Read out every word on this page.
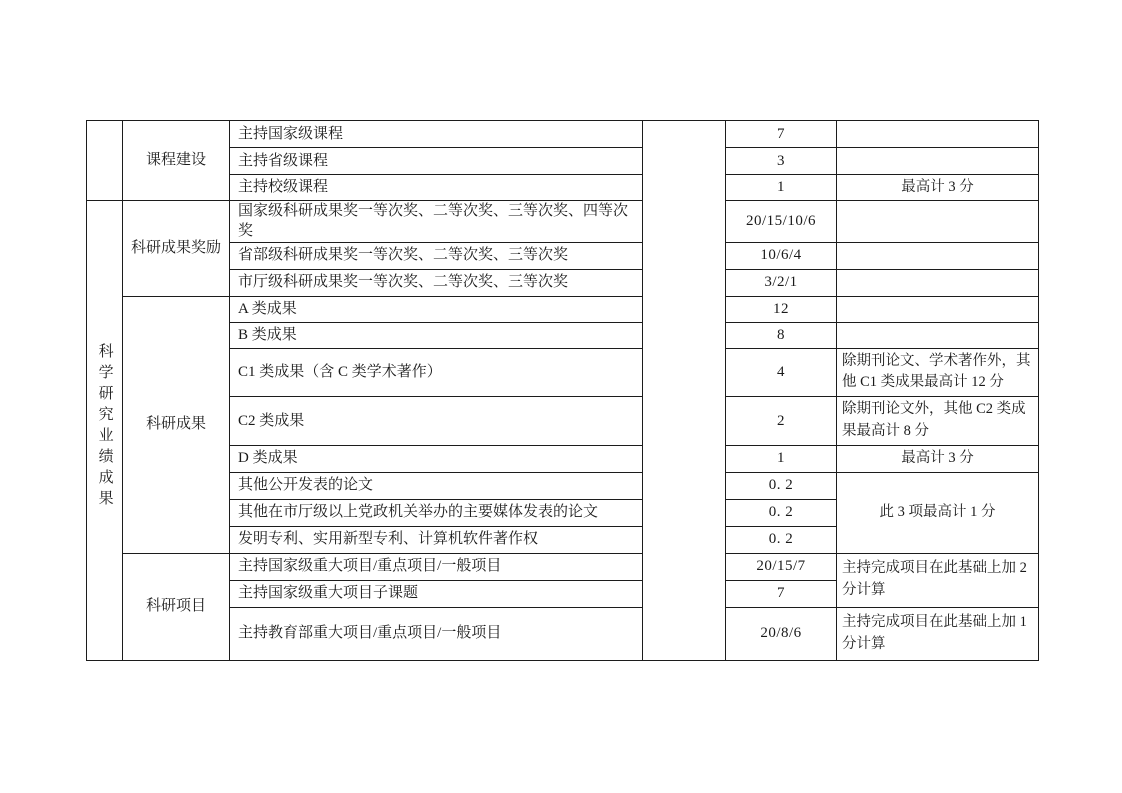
	课程建设	主持国家级课程		7	
		主持省级课程		3	
		主持校级课程		1	最高计 3 分
科学研究业绩成果	科研成果奖励	国家级科研成果奖一等次奖、二等次奖、三等次奖、四等次奖		20/15/10/6	
		省部级科研成果奖一等次奖、二等次奖、三等次奖		10/6/4	
		市厅级科研成果奖一等次奖、二等次奖、三等次奖		3/2/1	
	科研成果	A 类成果		12	
		B 类成果		8	
		C1 类成果（含 C 类学术著作）		4	除期刊论文、学术著作外，其他 C1 类成果最高计 12 分
		C2 类成果		2	除期刊论文外，其他 C2 类成果最高计 8 分
		D 类成果		1	最高计 3 分
		其他公开发表的论文		0. 2	此 3 项最高计 1 分
		其他在市厅级以上党政机关举办的主要媒体发表的论文		0. 2	
		发明专利、实用新型专利、计算机软件著作权		0. 2	
	科研项目	主持国家级重大项目/重点项目/一般项目		20/15/7	主持完成项目在此基础上加 2 分计算
		主持国家级重大项目子课题		7	
		主持教育部重大项目/重点项目/一般项目		20/8/6	主持完成项目在此基础上加 1 分计算
